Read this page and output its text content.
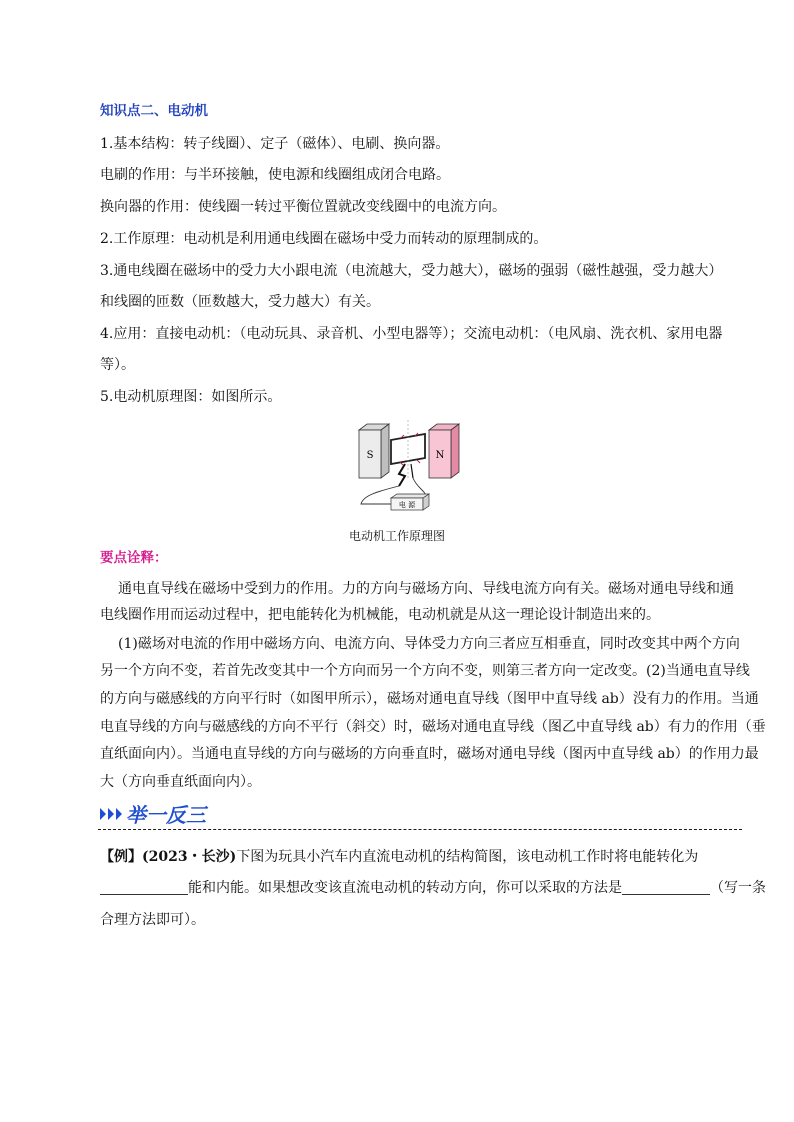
知识点二、电动机
1.基本结构：转子线圈）、定子（磁体）、电刷、换向器。
电刷的作用：与半环接触，使电源和线圈组成闭合电路。
换向器的作用：使线圈一转过平衡位置就改变线圈中的电流方向。
2.工作原理：电动机是利用通电线圈在磁场中受力而转动的原理制成的。
3.通电线圈在磁场中的受力大小跟电流（电流越大，受力越大），磁场的强弱（磁性越强，受力越大）
和线圈的匝数（匝数越大，受力越大）有关。
4.应用：直接电动机：（电动玩具、录音机、小型电器等）；交流电动机：（电风扇、洗衣机、家用电器
等）。
5.电动机原理图：如图所示。
S	N
电 源
电动机工作原理图
要点诠释：
通电直导线在磁场中受到力的作用。力的方向与磁场方向、导线电流方向有关。磁场对通电导线和通
电线圈作用而运动过程中，把电能转化为机械能，电动机就是从这一理论设计制造出来的。
(1)磁场对电流的作用中磁场方向、电流方向、导体受力方向三者应互相垂直，同时改变其中两个方向
另一个方向不变，若首先改变其中一个方向而另一个方向不变，则第三者方向一定改变。(2)当通电直导线
的方向与磁感线的方向平行时（如图甲所示），磁场对通电直导线（图甲中直导线 ab）没有力的作用。当通
电直导线的方向与磁感线的方向不平行（斜交）时，磁场对通电直导线（图乙中直导线 ab）有力的作用（垂
直纸面向内）。当通电直导线的方向与磁场的方向垂直时，磁场对通电导线（图丙中直导线 ab）的作用力最
大（方向垂直纸面向内）。
举一反三
【例】(2023・长沙)下图为玩具小汽车内直流电动机的结构简图，该电动机工作时将电能转化为
能和内能。如果想改变该直流电动机的转动方向，你可以采取的方法是	（写一条
合理方法即可）。
